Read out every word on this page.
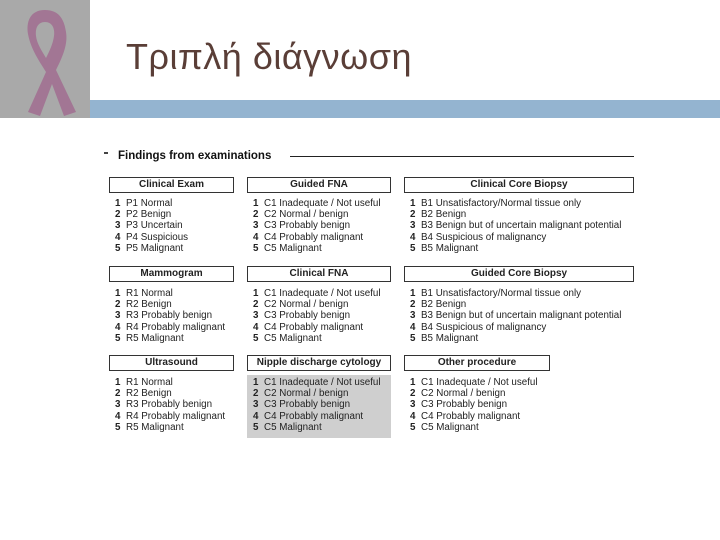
Τριπλή διάγνωση
Findings from examinations
Clinical Exam
1 P1 Normal
2 P2 Benign
3 P3 Uncertain
4 P4 Suspicious
5 P5 Malignant
Guided FNA
1 C1 Inadequate / Not useful
2 C2 Normal / benign
3 C3 Probably benign
4 C4 Probably malignant
5 C5 Malignant
Clinical Core Biopsy
1 B1 Unsatisfactory/Normal tissue only
2 B2 Benign
3 B3 Benign but of uncertain malignant potential
4 B4 Suspicious of malignancy
5 B5 Malignant
Mammogram
1 R1 Normal
2 R2 Benign
3 R3 Probably benign
4 R4 Probably malignant
5 R5 Malignant
Clinical FNA
1 C1 Inadequate / Not useful
2 C2 Normal / benign
3 C3 Probably benign
4 C4 Probably malignant
5 C5 Malignant
Guided Core Biopsy
1 B1 Unsatisfactory/Normal tissue only
2 B2 Benign
3 B3 Benign but of uncertain malignant potential
4 B4 Suspicious of malignancy
5 B5 Malignant
Ultrasound
1 R1 Normal
2 R2 Benign
3 R3 Probably benign
4 R4 Probably malignant
5 R5 Malignant
Nipple discharge cytology
1 C1 Inadequate / Not useful
2 C2 Normal / benign
3 C3 Probably benign
4 C4 Probably malignant
5 C5 Malignant
Other procedure
1 C1 Inadequate / Not useful
2 C2 Normal / benign
3 C3 Probably benign
4 C4 Probably malignant
5 C5 Malignant
